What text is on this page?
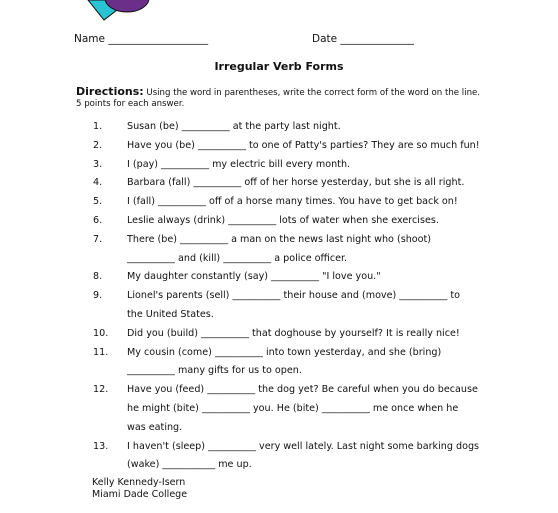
Name ___________________	Date ______________
Irregular Verb Forms
Directions: Using the word in parentheses, write the correct form of the word on the line. 5 points for each answer.
1.	Susan (be) __________ at the party last night.
2.	Have you (be) __________ to one of Patty's parties? They are so much fun!
3.	I (pay) __________ my electric bill every month.
4.	Barbara (fall) __________ off of her horse yesterday, but she is all right.
5.	I (fall) __________ off of a horse many times. You have to get back on!
6.	Leslie always (drink) __________ lots of water when she exercises.
7.	There (be) __________ a man on the news last night who (shoot)
__________ and (kill) __________ a police officer.
8.	My daughter constantly (say) __________ "I love you."
9.	Lionel's parents (sell) __________ their house and (move) __________ to
the United States.
10.	Did you (build) __________ that doghouse by yourself? It is really nice!
11.	My cousin (come) __________ into town yesterday, and she (bring)
__________ many gifts for us to open.
12.	Have you (feed) __________ the dog yet? Be careful when you do because
he might (bite) __________ you. He (bite) __________ me once when he
was eating.
13.	I haven't (sleep) __________ very well lately. Last night some barking dogs
(wake) ___________ me up.
Kelly Kennedy-Isern
Miami Dade College
